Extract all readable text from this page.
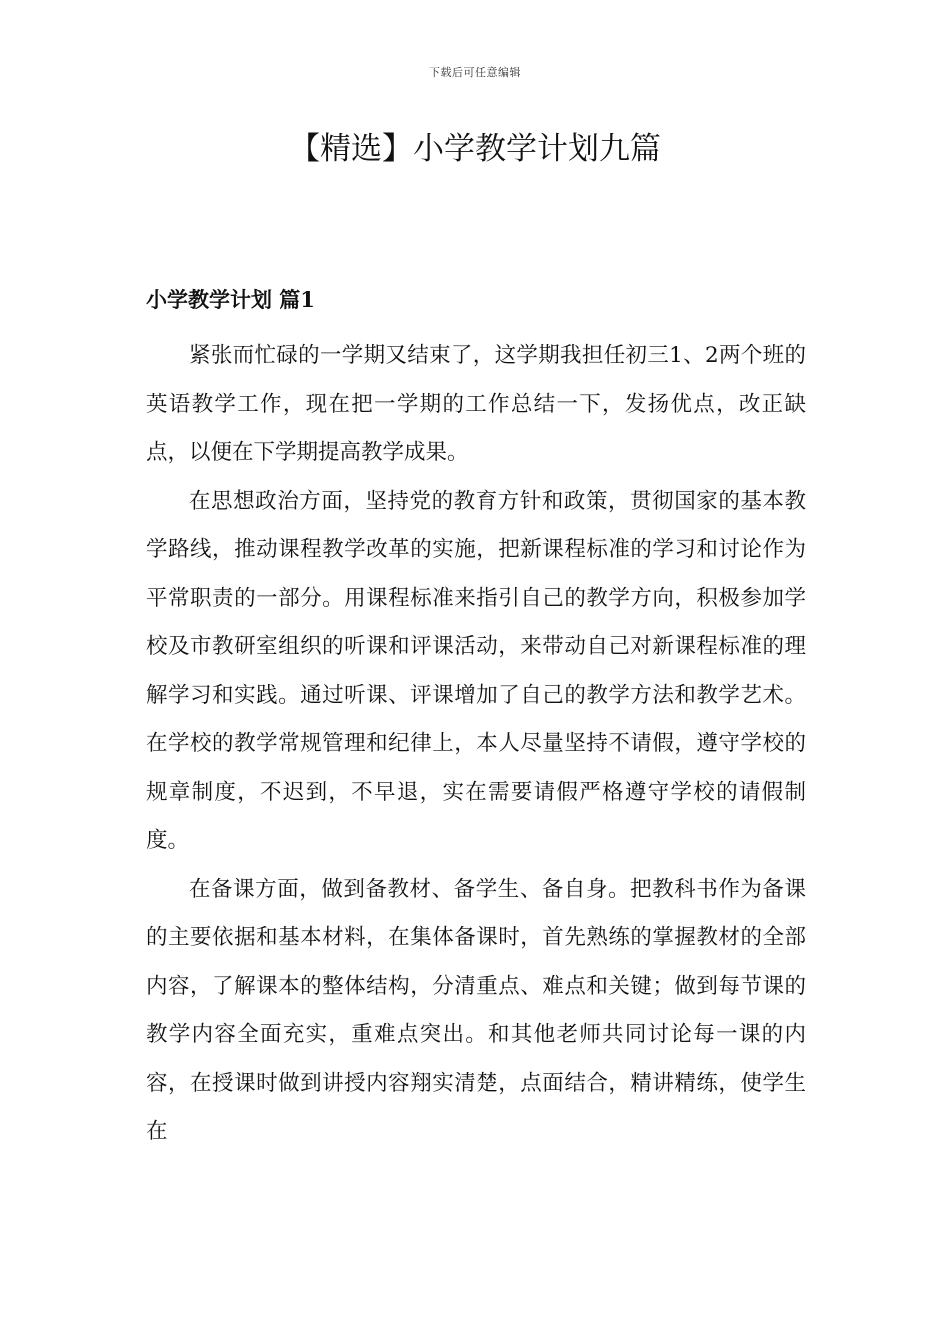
下载后可任意编辑
【精选】小学教学计划九篇
小学教学计划 篇1

紧张而忙碌的一学期又结束了，这学期我担任初三1、2两个班的英语教学工作，现在把一学期的工作总结一下，发扬优点，改正缺点，以便在下学期提高教学成果。

在思想政治方面，坚持党的教育方针和政策，贯彻国家的基本教学路线，推动课程教学改革的实施，把新课程标准的学习和讨论作为平常职责的一部分。用课程标准来指引自己的教学方向，积极参加学校及市教研室组织的听课和评课活动，来带动自己对新课程标准的理解学习和实践。通过听课、评课增加了自己的教学方法和教学艺术。在学校的教学常规管理和纪律上，本人尽量坚持不请假，遵守学校的规章制度，不迟到，不早退，实在需要请假严格遵守学校的请假制度。

在备课方面，做到备教材、备学生、备自身。把教科书作为备课的主要依据和基本材料，在集体备课时，首先熟练的掌握教材的全部内容，了解课本的整体结构，分清重点、难点和关键；做到每节课的教学内容全面充实，重难点突出。和其他老师共同讨论每一课的内容，在授课时做到讲授内容翔实清楚，点面结合，精讲精练，使学生在
